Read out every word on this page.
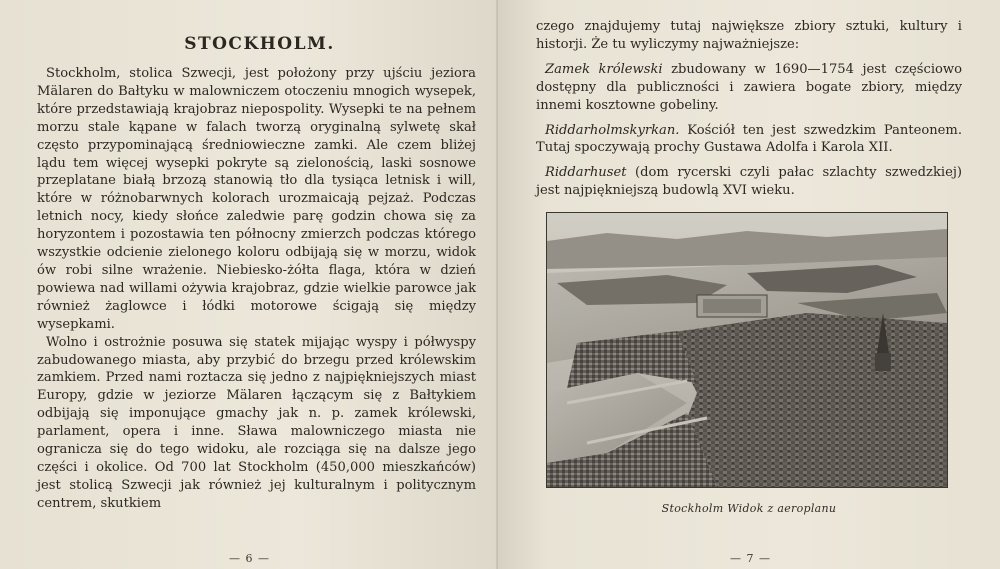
STOCKHOLM.

Stockholm, stolica Szwecji, jest położony przy ujściu jeziora Mälaren do Bałtyku w malowniczem otoczeniu mnogich wysepek, które przedstawiają krajobraz niepospolity. Wysepki te na pełnem morzu stale kąpane w falach tworzą oryginalną sylwetę skał często przypominającą średniowieczne zamki. Ale czem bliżej lądu tem więcej wysepki pokryte są zielonością, laski sosnowe przeplatane białą brzozą stanowią tło dla tysiąca letnisk i will, które w różnobarwnych kolorach urozmaicają pejzaż. Podczas letnich nocy, kiedy słońce zaledwie parę godzin chowa się za horyzontem i pozostawia ten północny zmierzch podczas którego wszystkie odcienie zielonego koloru odbijają się w morzu, widok ów robi silne wrażenie. Niebiesko-żółta flaga, która w dzień powiewa nad willami ożywia krajobraz, gdzie wielkie parowce jak również żaglowce i łódki motorowe ścigają się między wysepkami.

Wolno i ostrożnie posuwa się statek mijając wyspy i półwyspy zabudowanego miasta, aby przybić do brzegu przed królewskim zamkiem. Przed nami roztacza się jedno z najpiękniejszych miast Europy, gdzie w jeziorze Mälaren łączącym się z Bałtykiem odbijają się imponujące gmachy jak n. p. zamek królewski, parlament, opera i inne. Sława malowniczego miasta nie ogranicza się do tego widoku, ale rozciąga się na dalsze jego części i okolice. Od 700 lat Stockholm (450,000 mieszkańców) jest stolicą Szwecji jak również jej kulturalnym i politycznym centrem, skutkiem

— 6 —

czego znajdujemy tutaj największe zbiory sztuki, kultury i historji. Że tu wyliczymy najważniejsze:

Zamek królewski zbudowany w 1690—1754 jest częściowo dostępny dla publiczności i zawiera bogate zbiory, między innemi kosztowne gobeliny.

Riddarholmskyrkan. Kościół ten jest szwedzkim Panteonem. Tutaj spoczywają prochy Gustawa Adolfa i Karola XII.

Riddarhuset (dom rycerski czyli pałac szlachty szwedzkiej) jest najpiękniejszą budowlą XVI wieku.

Stockholm Widok z aeroplanu
— 7 —
